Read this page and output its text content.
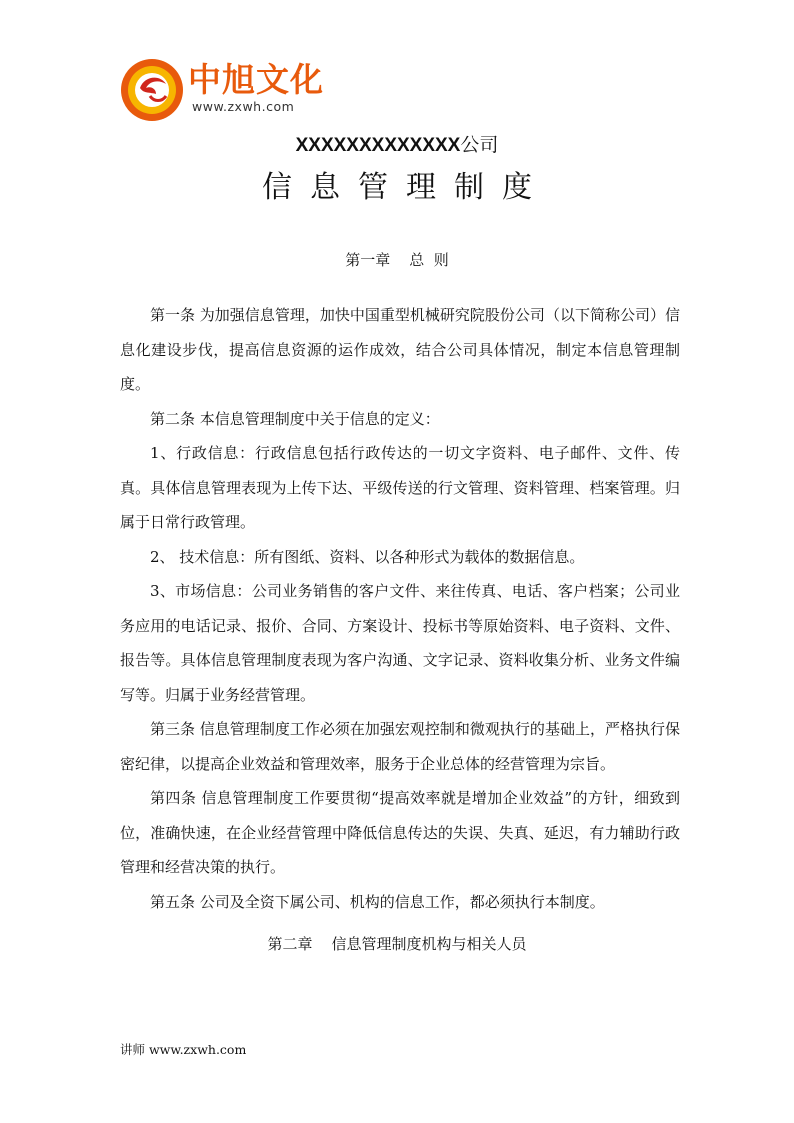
中旭文化
www.zxwh.com
XXXXXXXXXXXXX公司
信息管理制度
第一章    总  则

第一条 为加强信息管理，加快中国重型机械研究院股份公司（以下简称公司）信息化建设步伐，提高信息资源的运作成效，结合公司具体情况，制定本信息管理制度。

第二条 本信息管理制度中关于信息的定义：

1、行政信息：行政信息包括行政传达的一切文字资料、电子邮件、文件、传真。具体信息管理表现为上传下达、平级传送的行文管理、资料管理、档案管理。归属于日常行政管理。

2、 技术信息：所有图纸、资料、以各种形式为载体的数据信息。

3、市场信息：公司业务销售的客户文件、来往传真、电话、客户档案；公司业务应用的电话记录、报价、合同、方案设计、投标书等原始资料、电子资料、文件、报告等。具体信息管理制度表现为客户沟通、文字记录、资料收集分析、业务文件编写等。归属于业务经营管理。

第三条 信息管理制度工作必须在加强宏观控制和微观执行的基础上，严格执行保密纪律，以提高企业效益和管理效率，服务于企业总体的经营管理为宗旨。

第四条 信息管理制度工作要贯彻“提高效率就是增加企业效益”的方针，细致到位，准确快速，在企业经营管理中降低信息传达的失误、失真、延迟，有力辅助行政管理和经营决策的执行。

第五条 公司及全资下属公司、机构的信息工作，都必须执行本制度。

第二章    信息管理制度机构与相关人员
讲师 www.zxwh.com
